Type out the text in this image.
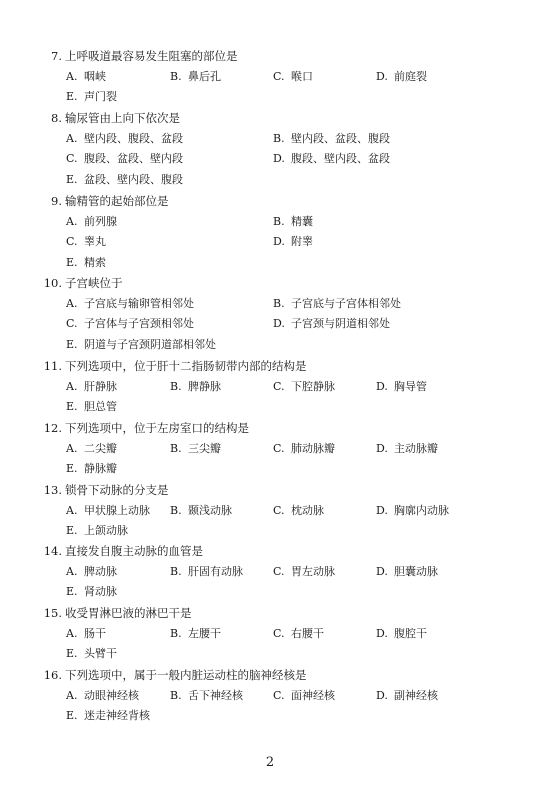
7. 上呼吸道最容易发生阻塞的部位是
A. 咽峡	B. 鼻后孔	C. 喉口	D. 前庭裂
E. 声门裂
8. 输尿管由上向下依次是
A. 壁内段、腹段、盆段	B. 壁内段、盆段、腹段
C. 腹段、盆段、壁内段	D. 腹段、壁内段、盆段
E. 盆段、壁内段、腹段
9. 输精管的起始部位是
A. 前列腺	B. 精囊
C. 睾丸	D. 附睾
E. 精索
10. 子宫峡位于
A. 子宫底与输卵管相邻处	B. 子宫底与子宫体相邻处
C. 子宫体与子宫颈相邻处	D. 子宫颈与阴道相邻处
E. 阴道与子宫颈阴道部相邻处
11. 下列选项中，位于肝十二指肠韧带内部的结构是
A. 肝静脉	B. 脾静脉	C. 下腔静脉	D. 胸导管
E. 胆总管
12. 下列选项中，位于左房室口的结构是
A. 二尖瓣	B. 三尖瓣	C. 肺动脉瓣	D. 主动脉瓣
E. 静脉瓣
13. 锁骨下动脉的分支是
A. 甲状腺上动脉 B. 颞浅动脉	C. 枕动脉	D. 胸廓内动脉
E. 上颌动脉
14. 直接发自腹主动脉的血管是
A. 脾动脉	B. 肝固有动脉	C. 胃左动脉	D. 胆囊动脉
E. 肾动脉
15. 收受胃淋巴液的淋巴干是
A. 肠干	B. 左腰干	C. 右腰干	D. 腹腔干
E. 头臂干
16. 下列选项中，属于一般内脏运动柱的脑神经核是
A. 动眼神经核	B. 舌下神经核	C. 面神经核	D. 副神经核
E. 迷走神经背核
2
